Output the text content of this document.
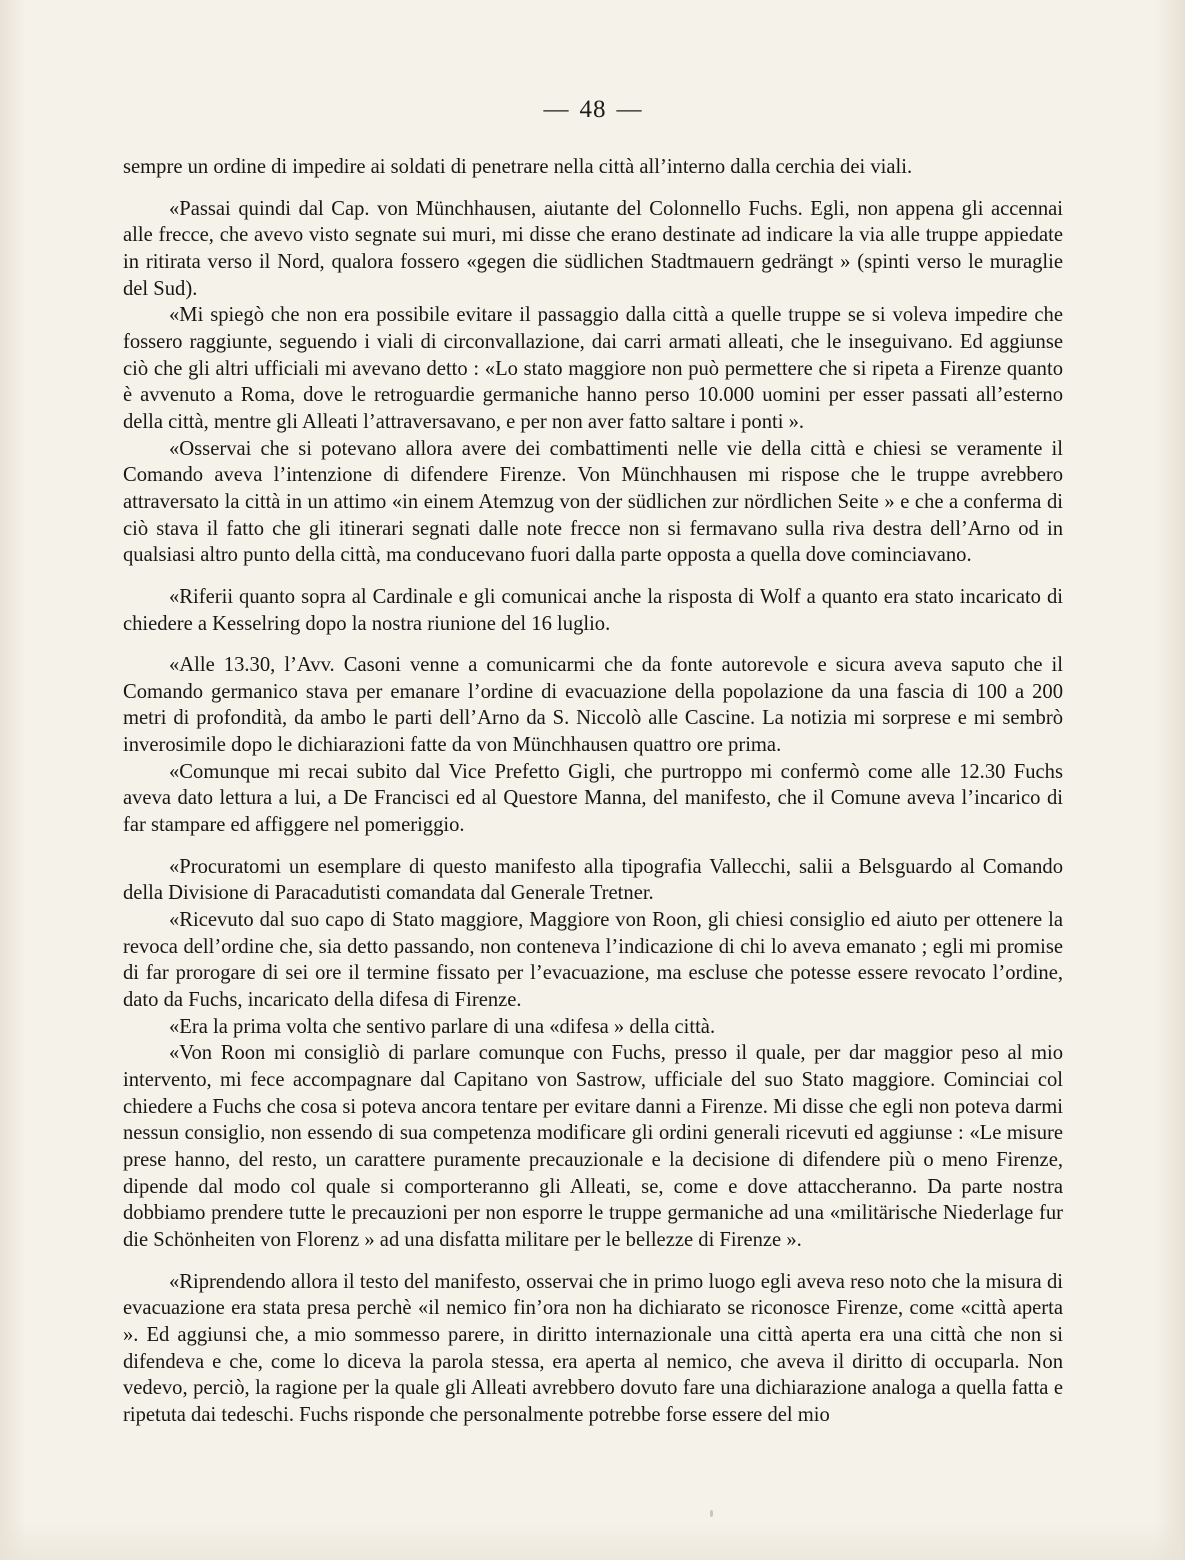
— 48 —

sempre un ordine di impedire ai soldati di penetrare nella città all’interno dalla cerchia dei viali.

«Passai quindi dal Cap. von Münchhausen, aiutante del Colonnello Fuchs. Egli, non appena gli accennai alle frecce, che avevo visto segnate sui muri, mi disse che erano destinate ad indicare la via alle truppe appiedate in ritirata verso il Nord, qualora fossero «gegen die südlichen Stadtmauern gedrängt » (spinti verso le muraglie del Sud).

«Mi spiegò che non era possibile evitare il passaggio dalla città a quelle truppe se si voleva impedire che fossero raggiunte, seguendo i viali di circonvallazione, dai carri armati alleati, che le inseguivano. Ed aggiunse ciò che gli altri ufficiali mi avevano detto : «Lo stato maggiore non può permettere che si ripeta a Firenze quanto è avvenuto a Roma, dove le retroguardie germaniche hanno perso 10.000 uomini per esser passati all’esterno della città, mentre gli Alleati l’attraversavano, e per non aver fatto saltare i ponti ».

«Osservai che si potevano allora avere dei combattimenti nelle vie della città e chiesi se veramente il Comando aveva l’intenzione di difendere Firenze. Von Münchhausen mi rispose che le truppe avrebbero attraversato la città in un attimo «in einem Atemzug von der südlichen zur nördlichen Seite » e che a conferma di ciò stava il fatto che gli itinerari segnati dalle note frecce non si fermavano sulla riva destra dell’Arno od in qualsiasi altro punto della città, ma conducevano fuori dalla parte opposta a quella dove cominciavano.

«Riferii quanto sopra al Cardinale e gli comunicai anche la risposta di Wolf a quanto era stato incaricato di chiedere a Kesselring dopo la nostra riunione del 16 luglio.

«Alle 13.30, l’Avv. Casoni venne a comunicarmi che da fonte autorevole e sicura aveva saputo che il Comando germanico stava per emanare l’ordine di evacuazione della popolazione da una fascia di 100 a 200 metri di profondità, da ambo le parti dell’Arno da S. Niccolò alle Cascine. La notizia mi sorprese e mi sembrò inverosimile dopo le dichiarazioni fatte da von Münchhausen quattro ore prima.

«Comunque mi recai subito dal Vice Prefetto Gigli, che purtroppo mi confermò come alle 12.30 Fuchs aveva dato lettura a lui, a De Francisci ed al Questore Manna, del manifesto, che il Comune aveva l’incarico di far stampare ed affiggere nel pomeriggio.

«Procuratomi un esemplare di questo manifesto alla tipografia Vallecchi, salii a Belsguardo al Comando della Divisione di Paracadutisti comandata dal Generale Tretner.

«Ricevuto dal suo capo di Stato maggiore, Maggiore von Roon, gli chiesi consiglio ed aiuto per ottenere la revoca dell’ordine che, sia detto passando, non conteneva l’indicazione di chi lo aveva emanato ; egli mi promise di far prorogare di sei ore il termine fissato per l’evacuazione, ma escluse che potesse essere revocato l’ordine, dato da Fuchs, incaricato della difesa di Firenze.

«Era la prima volta che sentivo parlare di una «difesa » della città.

«Von Roon mi consigliò di parlare comunque con Fuchs, presso il quale, per dar maggior peso al mio intervento, mi fece accompagnare dal Capitano von Sastrow, ufficiale del suo Stato maggiore. Cominciai col chiedere a Fuchs che cosa si poteva ancora tentare per evitare danni a Firenze. Mi disse che egli non poteva darmi nessun consiglio, non essendo di sua competenza modificare gli ordini generali ricevuti ed aggiunse : «Le misure prese hanno, del resto, un carattere puramente precauzionale e la decisione di difendere più o meno Firenze, dipende dal modo col quale si comporteranno gli Alleati, se, come e dove attaccheranno. Da parte nostra dobbiamo prendere tutte le precauzioni per non esporre le truppe germaniche ad una «militärische Niederlage fur die Schönheiten von Florenz » ad una disfatta militare per le bellezze di Firenze ».

«Riprendendo allora il testo del manifesto, osservai che in primo luogo egli aveva reso noto che la misura di evacuazione era stata presa perchè «il nemico fin’ora non ha dichiarato se riconosce Firenze, come «città aperta ». Ed aggiunsi che, a mio sommesso parere, in diritto internazionale una città aperta era una città che non si difendeva e che, come lo diceva la parola stessa, era aperta al nemico, che aveva il diritto di occuparla. Non vedevo, perciò, la ragione per la quale gli Alleati avrebbero dovuto fare una dichiarazione analoga a quella fatta e ripetuta dai tedeschi. Fuchs risponde che personalmente potrebbe forse essere del mio
